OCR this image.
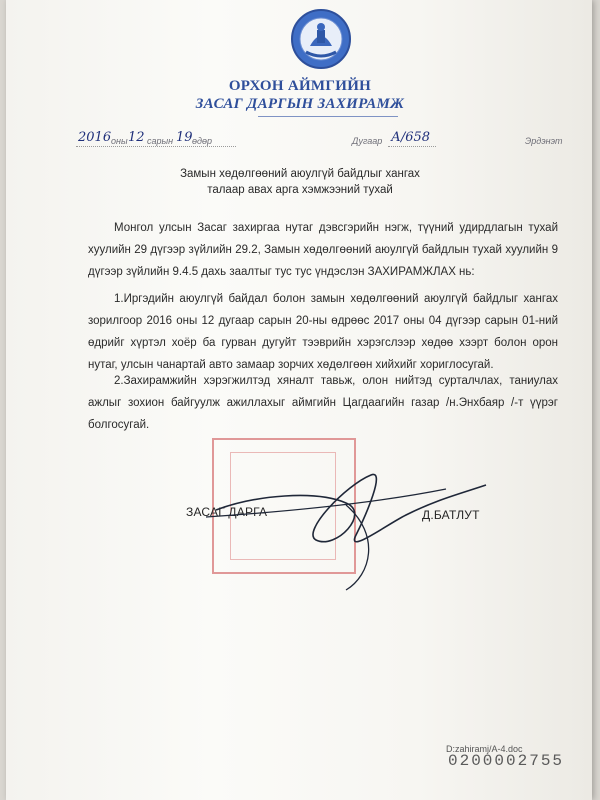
ОРХОН АЙМГИЙН
ЗАСАГ ДАРГЫН ЗАХИРАМЖ
2016 оны 12 сарын 19 өдөр	Дугаар А/658	Эрдэнэт
Замын хөдөлгөөний аюулгүй байдлыг хангах
талаар авах арга хэмжээний тухай
Монгол улсын Засаг захиргаа нутаг дэвсгэрийн нэгж, түүний удирдлагын тухай хуулийн 29 дүгээр зүйлийн 29.2, Замын хөдөлгөөний аюулгүй байдлын тухай хуулийн 9 дүгээр зүйлийн 9.4.5 дахь заалтыг тус тус үндэслэн ЗАХИРАМЖЛАХ нь:
1.Иргэдийн аюулгүй байдал болон замын хөдөлгөөний аюулгүй байдлыг хангах зорилгоор 2016 оны 12 дугаар сарын 20-ны өдрөөс 2017 оны 04 дүгээр сарын 01-ний өдрийг хүртэл хоёр ба гурван дугуйт тээврийн хэрэгслээр хөдөө хээрт болон орон нутаг, улсын чанартай авто замаар зорчих хөдөлгөөн хийхийг хориглосугай.
2.Захирамжийн хэрэгжилтэд хяналт тавьж, олон нийтэд сурталчлах, таниулах ажлыг зохион байгуулж ажиллахыг аймгийн Цагдаагийн газар /н.Энхбаяр /-т үүрэг болгосугай.
ЗАСАГ ДАРГА	Д.БАТЛУТ
D:zahiramj/A-4.doc
0200002755
